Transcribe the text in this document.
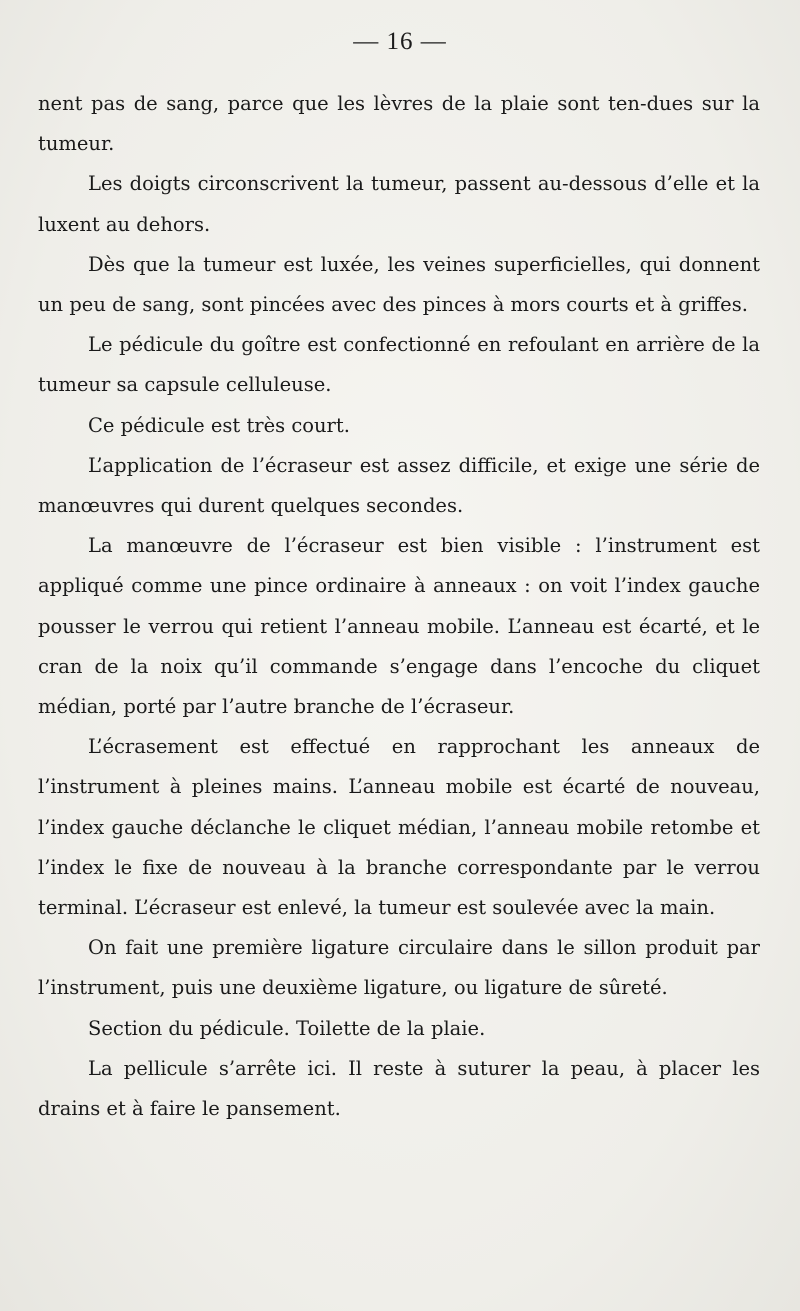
— 16 —

nent pas de sang, parce que les lèvres de la plaie sont ten-dues sur la tumeur.

Les doigts circonscrivent la tumeur, passent au-dessous d’elle et la luxent au dehors.

Dès que la tumeur est luxée, les veines superficielles, qui donnent un peu de sang, sont pincées avec des pinces à mors courts et à griffes.

Le pédicule du goître est confectionné en refoulant en arrière de la tumeur sa capsule celluleuse.

Ce pédicule est très court.

L’application de l’écraseur est assez difficile, et exige une série de manœuvres qui durent quelques secondes.

La manœuvre de l’écraseur est bien visible : l’instrument est appliqué comme une pince ordinaire à anneaux : on voit l’index gauche pousser le verrou qui retient l’anneau mobile. L’anneau est écarté, et le cran de la noix qu’il commande s’engage dans l’encoche du cliquet médian, porté par l’autre branche de l’écraseur.

L’écrasement est effectué en rapprochant les anneaux de l’instrument à pleines mains. L’anneau mobile est écarté de nouveau, l’index gauche déclanche le cliquet médian, l’anneau mobile retombe et l’index le fixe de nouveau à la branche correspondante par le verrou terminal. L’écraseur est enlevé, la tumeur est soulevée avec la main.

On fait une première ligature circulaire dans le sillon produit par l’instrument, puis une deuxième ligature, ou ligature de sûreté.

Section du pédicule. Toilette de la plaie.

La pellicule s’arrête ici. Il reste à suturer la peau, à placer les drains et à faire le pansement.
